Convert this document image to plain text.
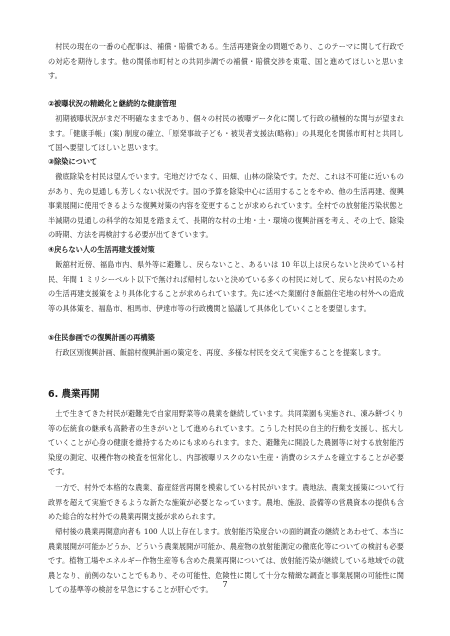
村民の現在の一番の心配事は、補償・賠償である。生活再建資金の問題であり、このテーマに関して行政での対応を期待します。他の関係市町村との共同歩調での補償・賠償交渉を東電、国と進めてほしいと思います。

②被曝状況の精緻化と継続的な健康管理

初期被曝状況がまだ不明確なままであり、個々の村民の被曝データ化に関して行政の積極的な関与が望まれます。「健康手帳」(案) 制度の確立、「原発事故子ども・被災者支援法(略称)」の具現化を関係市町村と共同して国へ要望してほしいと思います。

③除染について

徹底除染を村民は望んでいます。宅地だけでなく、田畑、山林の除染です。ただ、これは不可能に近いものがあり、先の見通しも芳しくない状況です。国の予算を除染中心に活用することをやめ、他の生活再建、復興事業展開に使用できるような復興対策の内容を変更することが求められています。全村での放射能汚染状態と半減期の見通しの科学的な知見を踏まえて、長期的な村の土地・土・環境の復興計画を考え、その上で、除染の時期、方法を再検討する必要が出てきています。

④戻らない人の生活再建支援対策

飯舘村近傍、福島市内、県外等に避難し、戻らないこと、あるいは 10 年以上は戻らないと決めている村民、年間 1 ミリシーベルト以下で無ければ帰村しないと決めている多くの村民に対して、戻らない村民のための生活再建支援策をより具体化することが求められています。先に述べた業園付き飯舘住宅地の村外への造成等の具体策を、福島市、相馬市、伊達市等の行政機関と協議して具体化していくことを要望します。

⑤住民参画での復興計画の再構築

行政区別復興計画、飯舘村復興計画の策定を、再度、多様な村民を交えて実施することを提案します。

6. 農業再開

土で生きてきた村民が避難先で自家用野菜等の農業を継続しています。共同菜園も実施され、凍み餅づくり等の伝統食の継承も高齢者の生きがいとして進められています。こうした村民の自主的行動を支援し、拡大していくことが心身の健康を維持するためにも求められます。また、避難先に開設した農園等に対する放射能汚染度の測定、収穫作物の検査を恒常化し、内部被曝リスクのない生産・消費のシステムを確立することが必要です。

一方で、村外で本格的な農業、畜産経営再開を模索している村民がいます。農地法、農業支援策について行政界を超えて実施できるような新たな施策が必要となっています。農地、施設、設備等の営農資本の提供も含めた総合的な村外での農業再開支援が求められます。

帰村後の農業再開意向者も 100 人以上存在します。放射能汚染度合いの面的調査の継続とあわせて、本当に農業展開が可能かどうか、どういう農業展開が可能か、農産物の放射能測定の徹底化等についての検討も必要です。植物工場やエネルギー作物生産等も含めた農業再開については、放射能汚染が継続している地域での就農となり、前例のないことでもあり、その可能性、危険性に関して十分な精緻な調査と事業展開の可能性に関しての基準等の検討を早急にすることが肝心です。

7
